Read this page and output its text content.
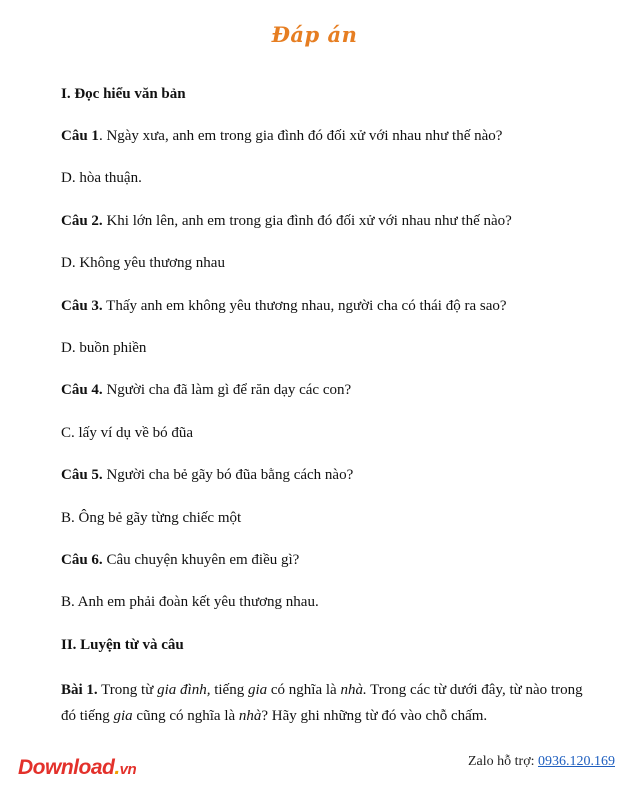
Đáp án
I. Đọc hiểu văn bản
Câu 1. Ngày xưa, anh em trong gia đình đó đối xử với nhau như thế nào?
D. hòa thuận.
Câu 2. Khi lớn lên, anh em trong gia đình đó đối xử với nhau như thế nào?
D. Không yêu thương nhau
Câu 3. Thấy anh em không yêu thương nhau, người cha có thái độ ra sao?
D. buồn phiền
Câu 4. Người cha đã làm gì để răn dạy các con?
C. lấy ví dụ về bó đũa
Câu 5. Người cha bẻ gãy bó đũa bằng cách nào?
B. Ông bẻ gãy từng chiếc một
Câu 6. Câu chuyện khuyên em điều gì?
B. Anh em phải đoàn kết yêu thương nhau.
II. Luyện từ và câu
Bài 1. Trong từ gia đình, tiếng gia có nghĩa là nhà. Trong các từ dưới đây, từ nào trong đó tiếng gia cũng có nghĩa là nhà? Hãy ghi những từ đó vào chỗ chấm.
Download.vn	Zalo hỗ trợ: 0936.120.169
